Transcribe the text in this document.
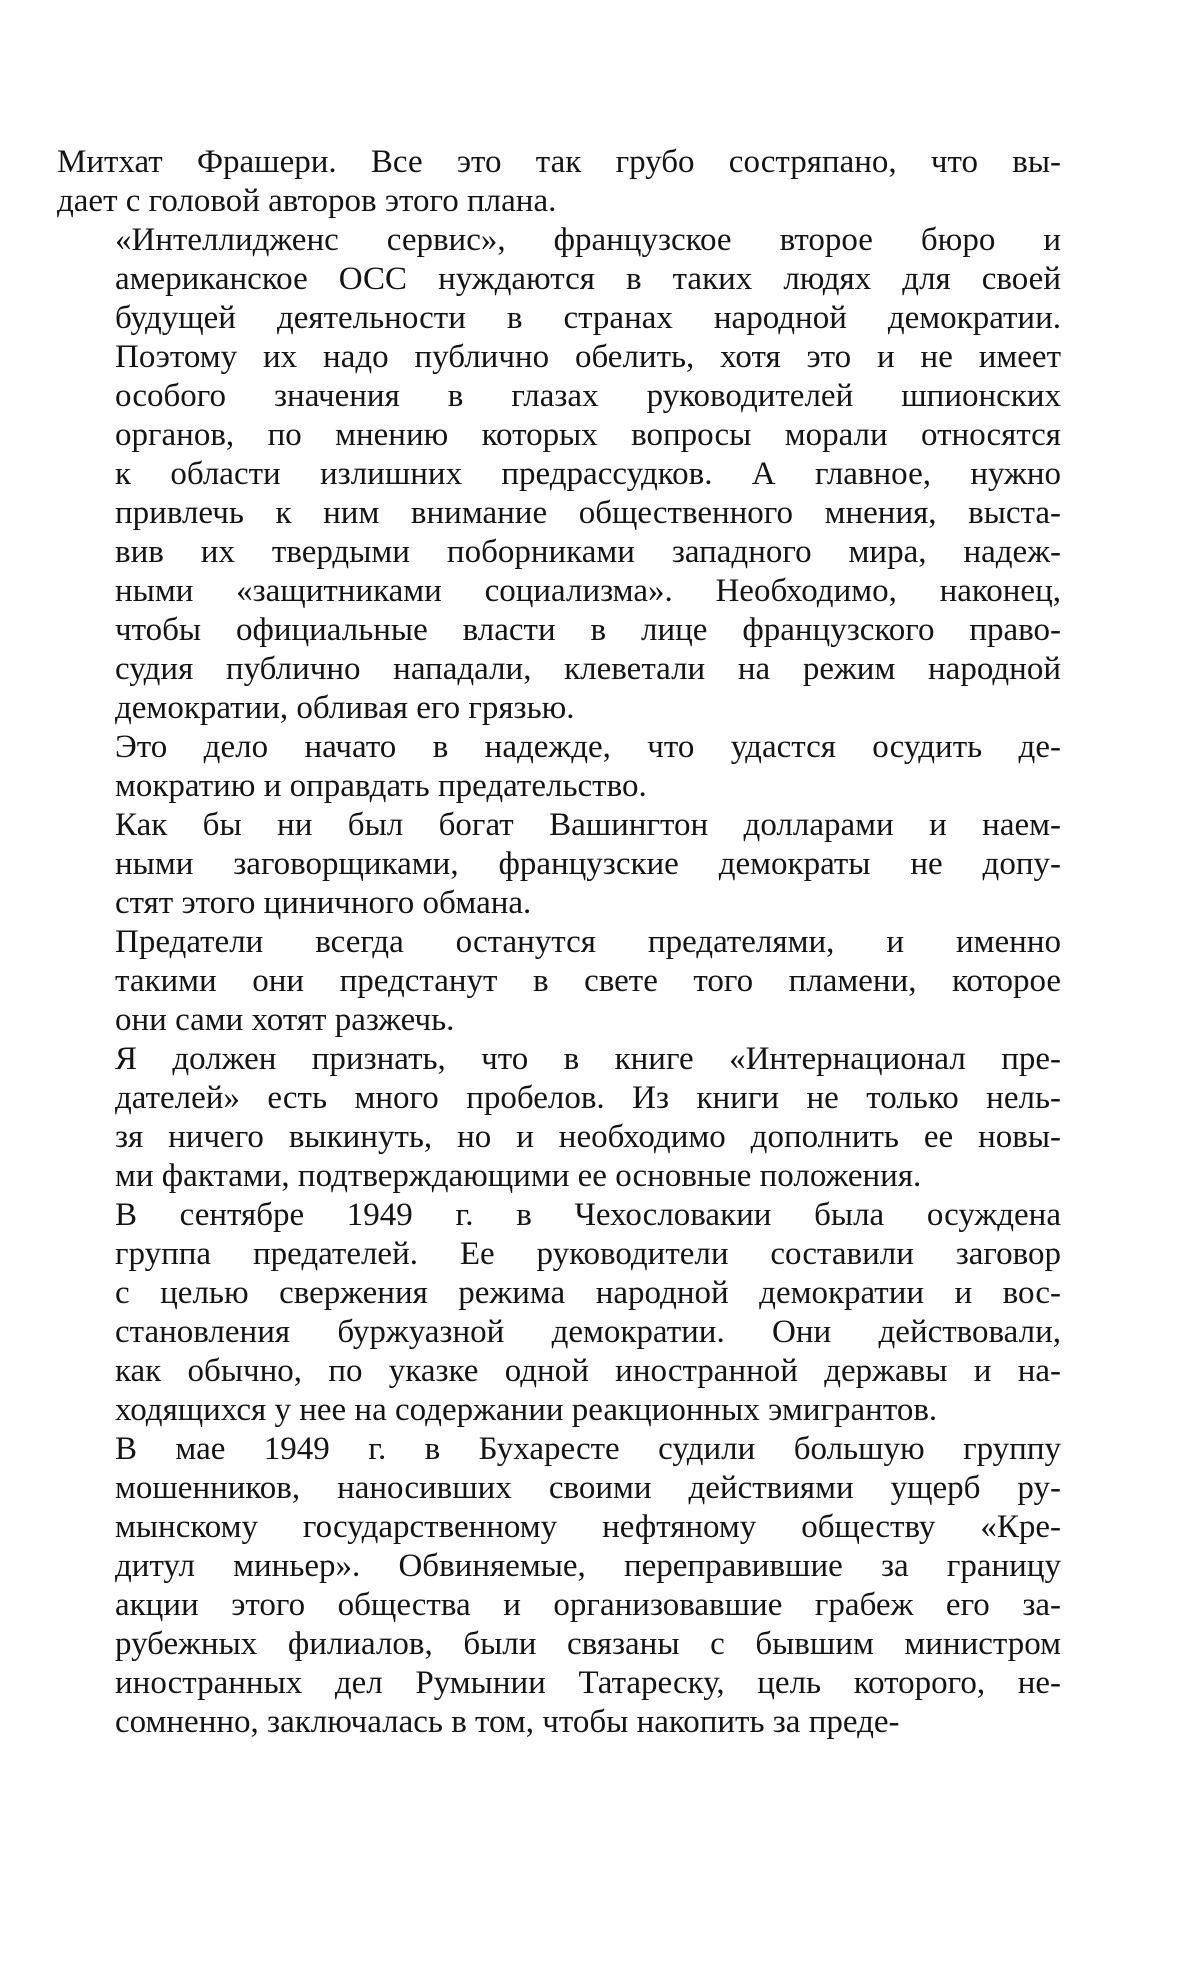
Митхат Фрашери. Все это так грубо состряпано, что вы-
дает с головой авторов этого плана.
«Интеллидженс сервис», французское второе бюро и
американское ОСС нуждаются в таких людях для своей
будущей деятельности в странах народной демократии.
Поэтому их надо публично обелить, хотя это и не имеет
особого значения в глазах руководителей шпионских
органов, по мнению которых вопросы морали относятся
к области излишних предрассудков. А главное, нужно
привлечь к ним внимание общественного мнения, выста-
вив их твердыми поборниками западного мира, надеж-
ными «защитниками социализма». Необходимо, наконец,
чтобы официальные власти в лице французского право-
судия публично нападали, клеветали на режим народной
демократии, обливая его грязью.
Это дело начато в надежде, что удастся осудить де-
мократию и оправдать предательство.
Как бы ни был богат Вашингтон долларами и наем-
ными заговорщиками, французские демократы не допу-
стят этого циничного обмана.
Предатели всегда останутся предателями, и именно
такими они предстанут в свете того пламени, которое
они сами хотят разжечь.
Я должен признать, что в книге «Интернационал пре-
дателей» есть много пробелов. Из книги не только нель-
зя ничего выкинуть, но и необходимо дополнить ее новы-
ми фактами, подтверждающими ее основные положения.
В сентябре 1949 г. в Чехословакии была осуждена
группа предателей. Ее руководители составили заговор
с целью свержения режима народной демократии и вос-
становления буржуазной демократии. Они действовали,
как обычно, по указке одной иностранной державы и на-
ходящихся у нее на содержании реакционных эмигрантов.
В мае 1949 г. в Бухаресте судили большую группу
мошенников, наносивших своими действиями ущерб ру-
мынскому государственному нефтяному обществу «Кре-
дитул миньер». Обвиняемые, переправившие за границу
акции этого общества и организовавшие грабеж его за-
рубежных филиалов, были связаны с бывшим министром
иностранных дел Румынии Татареску, цель которого, не-
сомненно, заключалась в том, чтобы накопить за преде-
